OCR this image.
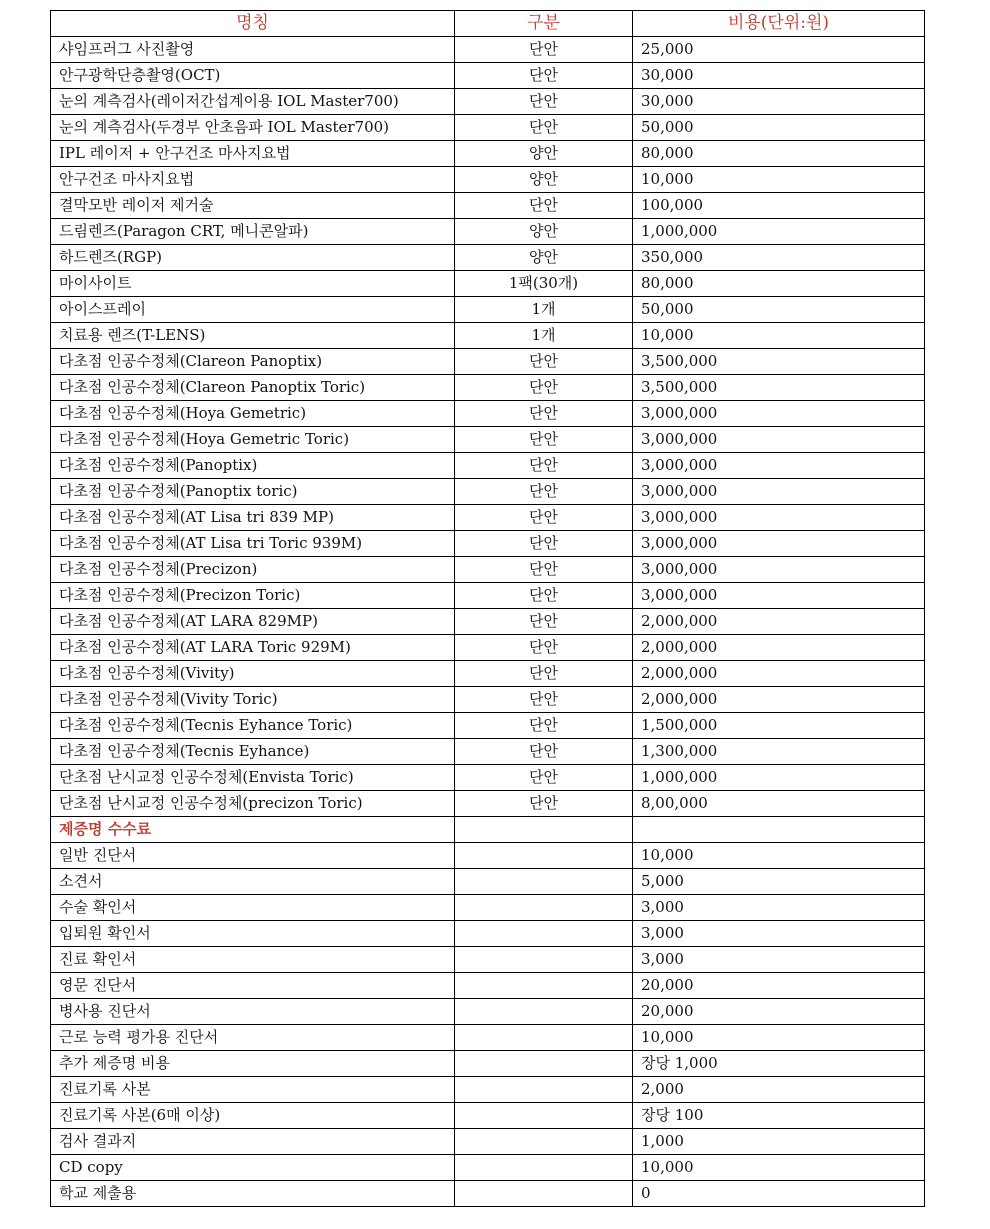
명칭	구분	비용(단위:원)
샤임프러그 사진촬영	단안	25,000
안구광학단층촬영(OCT)	단안	30,000
눈의 계측검사(레이저간섭계이용 IOL Master700)	단안	30,000
눈의 계측검사(두경부 안초음파 IOL Master700)	단안	50,000
IPL 레이저 + 안구건조 마사지요법	양안	80,000
안구건조 마사지요법	양안	10,000
결막모반 레이저 제거술	단안	100,000
드림렌즈(Paragon CRT, 메니콘알파)	양안	1,000,000
하드렌즈(RGP)	양안	350,000
마이사이트	1팩(30개)	80,000
아이스프레이	1개	50,000
치료용 렌즈(T-LENS)	1개	10,000
다초점 인공수정체(Clareon Panoptix)	단안	3,500,000
다초점 인공수정체(Clareon Panoptix Toric)	단안	3,500,000
다초점 인공수정체(Hoya Gemetric)	단안	3,000,000
다초점 인공수정체(Hoya Gemetric Toric)	단안	3,000,000
다초점 인공수정체(Panoptix)	단안	3,000,000
다초점 인공수정체(Panoptix toric)	단안	3,000,000
다초점 인공수정체(AT Lisa tri 839 MP)	단안	3,000,000
다초점 인공수정체(AT Lisa tri Toric 939M)	단안	3,000,000
다초점 인공수정체(Precizon)	단안	3,000,000
다초점 인공수정체(Precizon Toric)	단안	3,000,000
다초점 인공수정체(AT LARA 829MP)	단안	2,000,000
다초점 인공수정체(AT LARA Toric 929M)	단안	2,000,000
다초점 인공수정체(Vivity)	단안	2,000,000
다초점 인공수정체(Vivity Toric)	단안	2,000,000
다초점 인공수정체(Tecnis Eyhance Toric)	단안	1,500,000
다초점 인공수정체(Tecnis Eyhance)	단안	1,300,000
단초점 난시교정 인공수정체(Envista Toric)	단안	1,000,000
단초점 난시교정 인공수정체(precizon Toric)	단안	8,00,000
제증명 수수료		
일반 진단서		10,000
소견서		5,000
수술 확인서		3,000
입퇴원 확인서		3,000
진료 확인서		3,000
영문 진단서		20,000
병사용 진단서		20,000
근로 능력 평가용 진단서		10,000
추가 제증명 비용		장당 1,000
진료기록 사본		2,000
진료기록 사본(6매 이상)		장당 100
검사 결과지		1,000
CD copy		10,000
학교 제출용		0
